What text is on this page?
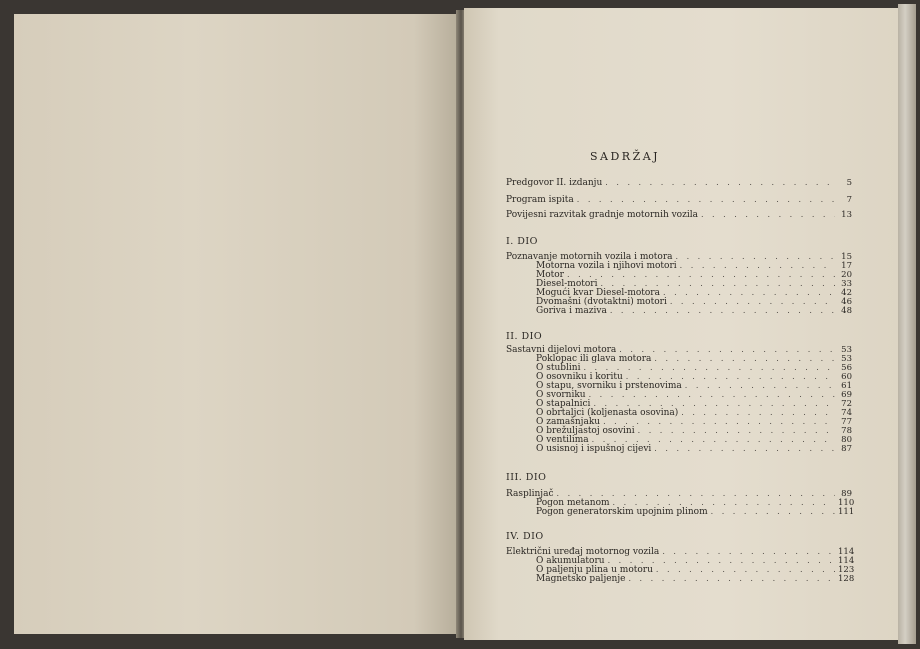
SADRŽAJ
Predgovor II. izdanju . . .	5
Program ispita . . .	7
Povijesni razvitak gradnje motornih vozila . . .	13
I. DIO
Poznavanje motornih vozila i motora . . .	15
Motorna vozila i njihovi motori . . .	17
Motor . . .	20
Diesel-motori . . .	33
Mogući kvar Diesel-motora . . .	42
Dvomašni (dvotaktni) motori . . .	46
Goriva i maziva . . .	48
II. DIO
Sastavni dijelovi motora . . .	53
Poklopac ili glava motora . . .	53
O stublini . . .	56
O osovniku i koritu . . .	60
O stapu, svorniku i prstenovima . . .	61
O svorniku . . .	69
O stapalnici . . .	72
O obrtaljci (koljenasta osovina) . . .	74
O zamašnjaku . . .	77
O brežuljastoj osovini . . .	78
O ventilima . . .	80
O usisnoj i ispušnoj cijevi . . .	87
III. DIO
Rasplinjač . . .	89
Pogon metanom . . .	110
Pogon generatorskim upojnim plinom . . .	111
IV. DIO
Električni uređaj motornog vozila . . .	114
O akumulatoru . . .	114
O paljenju plina u motoru . . .	123
Magnetsko paljenje . . .	128
